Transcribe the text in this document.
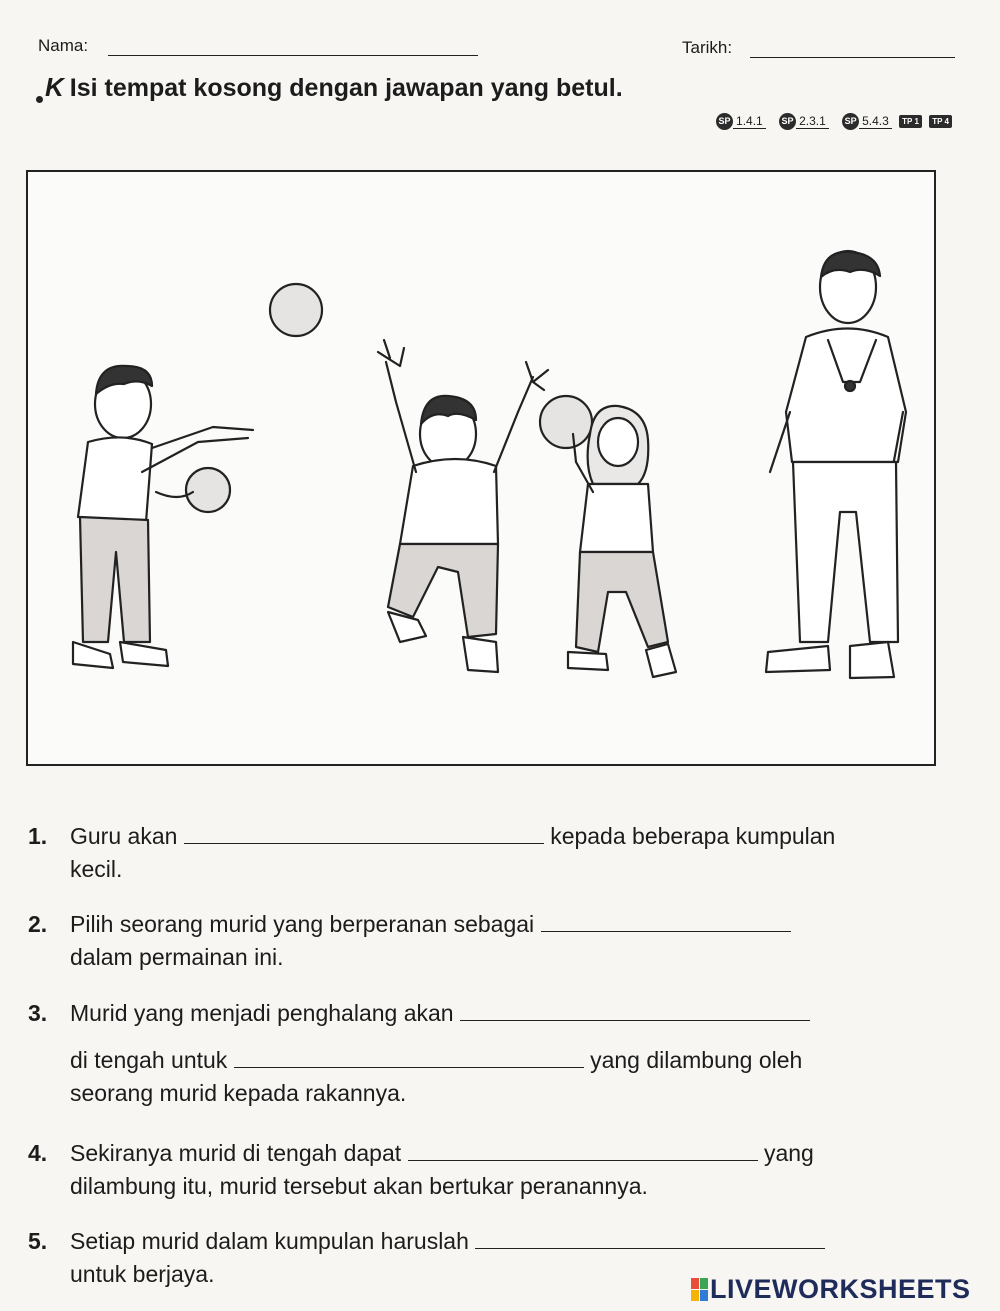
Nama:	Tarikh:
K Isi tempat kosong dengan jawapan yang betul.
SP 1.4.1 SP 2.3.1 SP 5.4.3 TP 1 TP 4
1. Guru akan	kepada beberapa kumpulan
kecil.
2. Pilih seorang murid yang berperanan sebagai
dalam permainan ini.
3. Murid yang menjadi penghalang akan
di tengah untuk	yang dilambung oleh
seorang murid kepada rakannya.
4. Sekiranya murid di tengah dapat	yang
dilambung itu, murid tersebut akan bertukar peranannya.
5. Setiap murid dalam kumpulan haruslah
untuk berjaya.	LIVEWORKSHEETS
